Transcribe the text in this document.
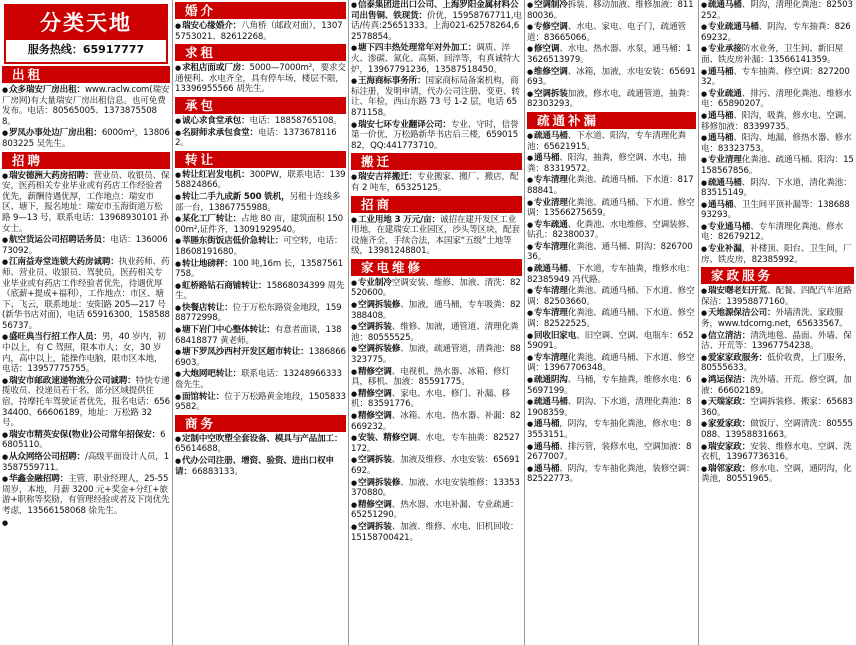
分类天地
服务热线：65917777
出租
● 众多瑞安厂房出租：www.raclw.com(瑞安厂房网)有大量瑞安厂房出租信息。也可免费发布。电话：80565005、13738755088。
● 罗凤办事处边厂房出租：6000m²，13806803225 吴先生。
招聘
● 瑞安德洲大药房招聘：营业员、收银员、保安，医药相关专业毕业或有药店工作经验者优先，薪酬待遇优厚，工作地点：瑞安市区、塘下，报名地址：瑞安市玉海街道万松路 9—13 号，联系电话：13968930101 孙女士。
● 航空货运公司招聘话务员：电话：13600673092。
● 江南益寿堂连锁大药房诚聘：执业药师、药师、营业员、收银员、驾驶员，医药相关专业毕业或有药店工作经验者优先，待遇优厚（底薪+提成+福利），工作地点：市区、塘下、飞云，联系地址：安阳路 205—217 号(新华书店对面)，电话 65916300，15858856737。
● 盛旺典当行招工作人员：男，40 岁内，初中以上，有 C 驾照，限本市人；女，30 岁内，高中以上，能操作电脑，限市区本地，电话：13957775755。
● 瑞安市邮政速递物流分公司诚聘：特快专递揽收员、投递员若干名，部分区域提供住宿，持摩托车驾驶证者优先，报名电话：65634400、66606189，地址：万松路 32 号。
● 瑞安市精英安保(物业)公司常年招保安：66805110。
● 从众网络公司招聘：/高级平面设计人员，13587559711。
● 华鑫金融招聘：主管，职业经理人，25-55 周岁，本地，月薪 3200 元+奖金+分红+旅游+职称等奖励，有管理经验或者及下岗优先考虑，13566158068 徐先生。
●
婚介
● 瑞安心缘婚介：八角桥（邮政对面），13075753021、82612268。
求租
● 求租店面或厂房：5000—7000m²，要求交通便利、水电齐全，具有停车场，楼层不限，13396955566 胡先生。
承包
● 诚心求食堂承包：电话：18858765108。
● 名厨师求承包食堂：电话：13736781162。
转让
● 转让红岩发电机：300PW，联系电话：13958824866。
● 转让二手九成新 500 铣机，另租十连线多部一台，13867755988。
● 某化工厂转让：占地 80 亩，建筑面积 15000m²,证件齐，13091929540。
● 莘塍东街饭店低价急转让：可空转，电话：18608191680。
● 转让地磅秤：100 吨,16m 长，13587561758。
● 虹桥路钻石商铺转让：15868034399 周先生。
● 快餐店转让：位于万松东路资金地段，15988772998。
● 塘下岩门中心整体转让：有意者面谈，13868418877 黄老师。
● 塘下罗凤沙西村开发区超市转让：13868666903。
● 大炮网吧转让：联系电话：13248966333 詹先生。
● 面馆转让：位于万松路黄金地段，15058339582。
商务
● 定制中空吹塑全套设备、模具与产品加工：65614688。
● 代办公司注册、增资、验资、进出口权申请：66883133。
● 信泰集团进出口公司、上海罗阳金属材料公司出售铜、铁现货：价优，15958767711,电话/传真:25651333。上海021-62578264,62578854。
● 塘下四丰热处理常年对外加工：调质、淬火、渗碳、氮化、高频、回淬等，有真诚特大炉，13967791236，13587518450。
● 王海商标事务所：国家商标局备案机构，商标注册，发明申请，代办公司注册、变更、转让、年检，西山东路 73 号 1-2 层，电话 65871158。
● 瑞安七环专业翻译公司：专业、守时，信誉第一价优，万松路新华书店后三楼，65901582，QQ:441773710。
搬迁
● 瑞安吉祥搬迁：专业搬家、搬厂、搬店，配有 2 吨车，65325125。
招商
● 工业用地 3 万元/亩：诚招在建开发区工业用地，在建瑞安工业园区，沙头等区块，配套设施齐全，手续合法，本国家“五级”土地等级，13981248801。
家电维修
● 专业制冷空调安装、维修、加液、清洗：82520600。
● 空调拆装修、加液，通马桶，专车吸粪：82388408。
● 空调拆装、维修、加液，通管道、清理化粪池：80555525。
● 空调拆装修、加液，疏通管道，清粪池：88323775。
● 精修空调、电视机、热水器、冰箱、修灯具，移机、加液：85591775。
● 精修空调、家电、水电、修门、补漏、移机：83591776。
● 精修空调、冰箱、水电、热水器、补漏：82669232。
● 安装、精修空调、水电，专车抽粪：82527172。
● 空调拆装、加液及维修、水电安装：65691692。
● 空调拆装修、加液、水电安装维修：13353370880。
● 精修空调、热水器、水电补漏、专业疏通：65251290。
● 空调拆装、加液、维修、水电、旧机回收：15158700421。
● 空调制冷拆装、移动加液、维修加液：81180036。
● 专修空调、水电、家电、电子门，疏通管道：83665066。
● 修空调、水电、热水器、水泵，通马桶：13626513979。
● 维修空调、冰箱，加液，水电安装：65691693。
● 空调拆装加液，修水电，疏通管道，抽粪：82303293。
疏通补漏
● 疏通马桶、下水道、阳沟，专车清理化粪池：65621915。
● 通马桶、阳沟，抽粪，修空调、水电，抽粪：83319572。
● 专车清理化粪池、疏通马桶、下水道：81788841。
● 专业清理化粪池、疏通马桶、下水道、修空调：13566275659。
● 专车疏通、化粪池、水电维修、空调装修、钻孔：82380037。
● 专车清理化粪池、通马桶、阴沟：82670036。
● 疏通马桶、下水道，专车抽粪，维修水电：82385949 冯代路。
● 专车清理化粪池、疏通马桶、下水道、修空调：82503660。
● 专车清理化粪池、疏通马桶、下水道、修空调：82522525。
● 回收旧家电、旧空调、空调、电瓶车：65259091。
● 专车清理化粪池、疏通马桶、下水道、修空调：13967706348。
● 疏通阴沟、马桶，专车抽粪，维修水电：65697199。
● 疏通马桶、阴沟、下水道，清理化粪池：81908359。
● 通马桶，阴沟，专车抽化粪池，修水电：83553151。
● 通马桶、排污管，装修水电，空调加液：82677007。
● 通马桶、阴沟，专车抽化粪池，装修空调：82522773。
● 疏通马桶、阴沟，清理化粪池：82503252。
● 专业疏通马桶、阴沟，专车抽粪：82669232。
● 专业承接防水业务，卫生间、新旧屋面、铁皮房补漏：13566141359。
● 通马桶、专车抽粪、修空调：82720032。
● 专业疏通、排污、清理化粪池、维修水电：65890207。
● 通马桶、阳沟，吸粪，修水电、空调、移修加液：83399735。
● 通马桶、阳沟、地漏，修热水器、修水电：83323753。
● 专业清理化粪池、疏通马桶、阳沟：15158567856。
● 疏通马桶、阴沟、下水道，清化粪池：83515149。
● 通马桶、卫生间平顶补漏等：13868893293。
● 专业通马桶、专车清理化粪池、修水电：82679212。
● 专业补漏，补楼顶、阳台、卫生间，厂房、铁皮房，82385992。
家政服务
● 瑞安曙老妇开荒、配餐、四配汽车道路保洁：13958877160。
● 天地源保洁公司：外墙清洗、家政服务，www.tdcomg.net，65633567。
● 信立清洁：清洗地毯、晶面、外墙、保洁、开荒等：13967754238。
● 爱家家政服务：低价收费，上门服务，80555633。
● 鸿运保洁：洗外墙、开荒、修空调，加液：66602189。
● 天瑞家政：空调拆装修、搬家：65683360。
● 家爱家政：做饭厅、空调清洗：80555088、13958831663。
● 瑞安家政：安装、维修水电、空调、洗衣机，13967736316。
● 瑞邻家政：修水电、空调，通阴沟，化粪池，80551965。
